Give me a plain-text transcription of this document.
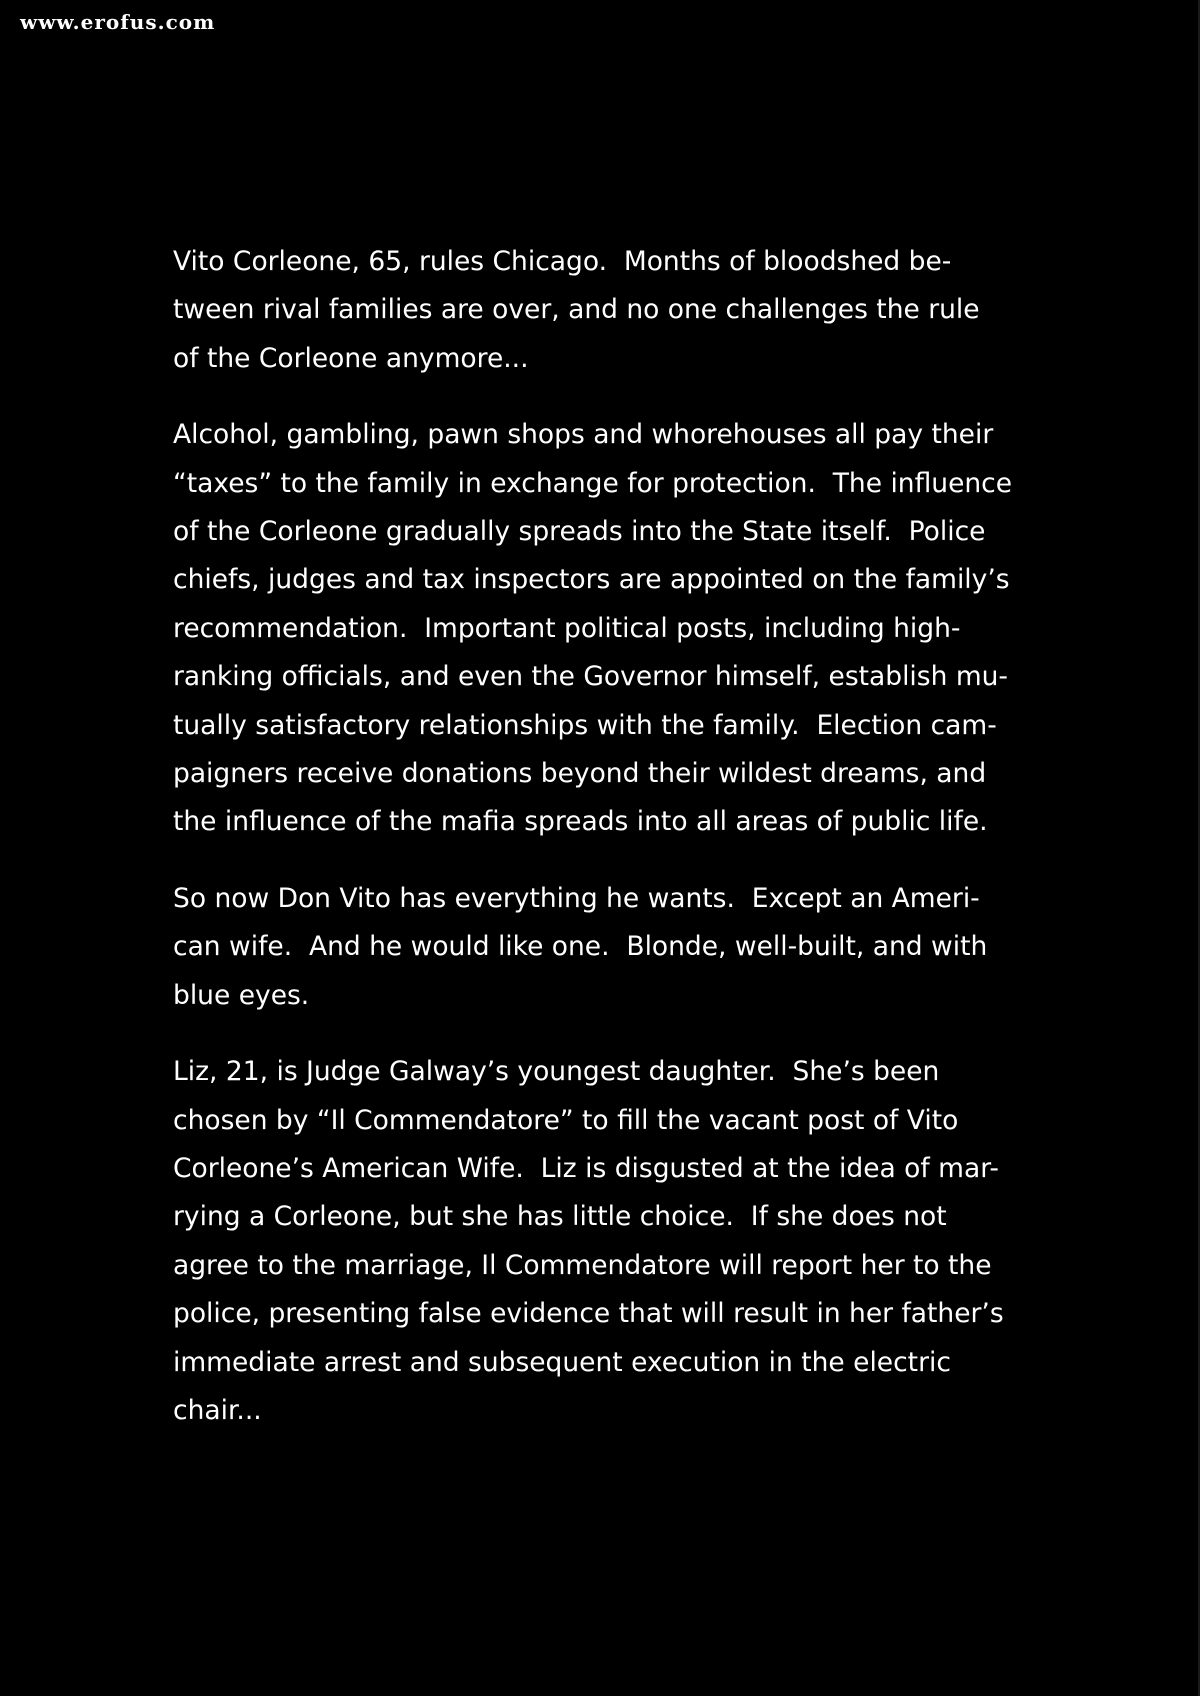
www.erofus.com

Vito Corleone, 65, rules Chicago.  Months of bloodshed be-
tween rival families are over, and no one challenges the rule
of the Corleone anymore...

Alcohol, gambling, pawn shops and whorehouses all pay their
“taxes” to the family in exchange for protection.  The influence
of the Corleone gradually spreads into the State itself.  Police
chiefs, judges and tax inspectors are appointed on the family’s
recommendation.  Important political posts, including high-
ranking officials, and even the Governor himself, establish mu-
tually satisfactory relationships with the family.  Election cam-
paigners receive donations beyond their wildest dreams, and
the influence of the mafia spreads into all areas of public life.

So now Don Vito has everything he wants.  Except an Ameri-
can wife.  And he would like one.  Blonde, well-built, and with
blue eyes.

Liz, 21, is Judge Galway’s youngest daughter.  She’s been
chosen by “Il Commendatore” to fill the vacant post of Vito
Corleone’s American Wife.  Liz is disgusted at the idea of mar-
rying a Corleone, but she has little choice.  If she does not
agree to the marriage, Il Commendatore will report her to the
police, presenting false evidence that will result in her father’s
immediate arrest and subsequent execution in the electric
chair...
